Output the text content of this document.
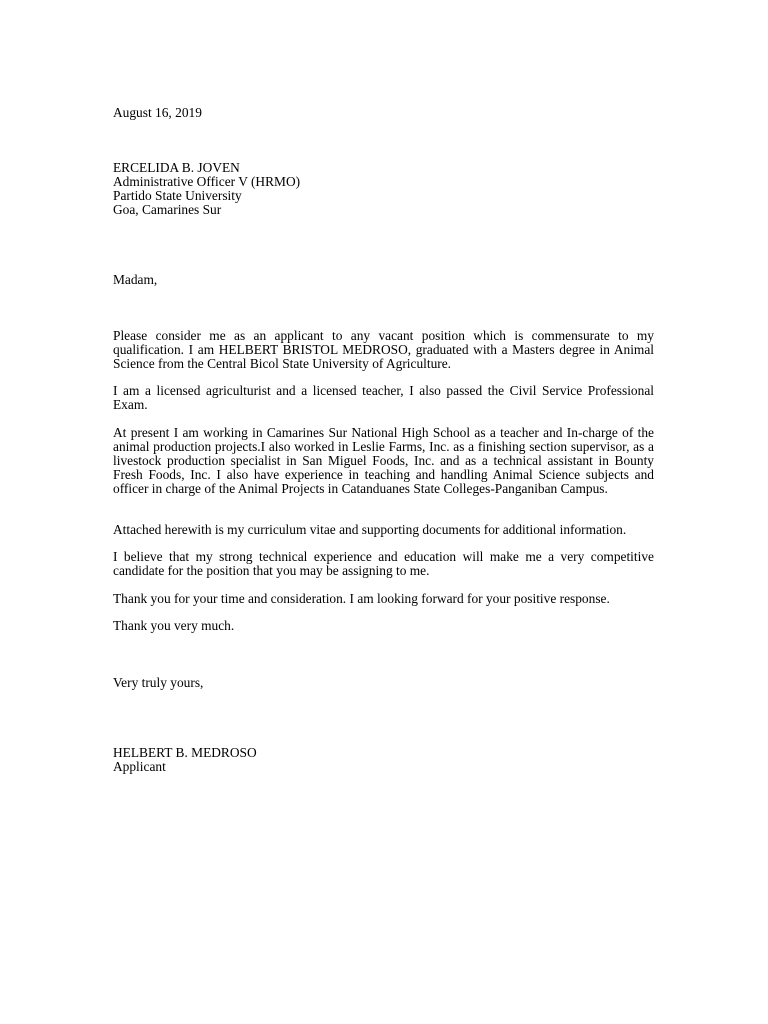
August 16, 2019
ERCELIDA B. JOVEN
Administrative Officer V (HRMO)
Partido State University
Goa, Camarines Sur
Madam,

Please consider me as an applicant to any vacant position which is commensurate to my qualification. I am HELBERT BRISTOL MEDROSO, graduated with a Masters degree in Animal Science from the Central Bicol State University of Agriculture.

I am a licensed agriculturist and a licensed teacher, I also passed the Civil Service Professional Exam.

At present I am working in Camarines Sur National High School as a teacher and In-charge of the animal production projects.I also worked in Leslie Farms, Inc. as a finishing section supervisor, as a livestock production specialist in San Miguel Foods, Inc. and as a technical assistant in Bounty Fresh Foods, Inc. I also have experience in teaching and handling Animal Science subjects and officer in charge of the Animal Projects in Catanduanes State Colleges-Panganiban Campus.

Attached herewith is my curriculum vitae and supporting documents for additional information.

I believe that my strong technical experience and education will make me a very competitive candidate for the position that you may be assigning to me.

Thank you for your time and consideration. I am looking forward for your positive response.

Thank you very much.

Very truly yours,
HELBERT B. MEDROSO
Applicant
